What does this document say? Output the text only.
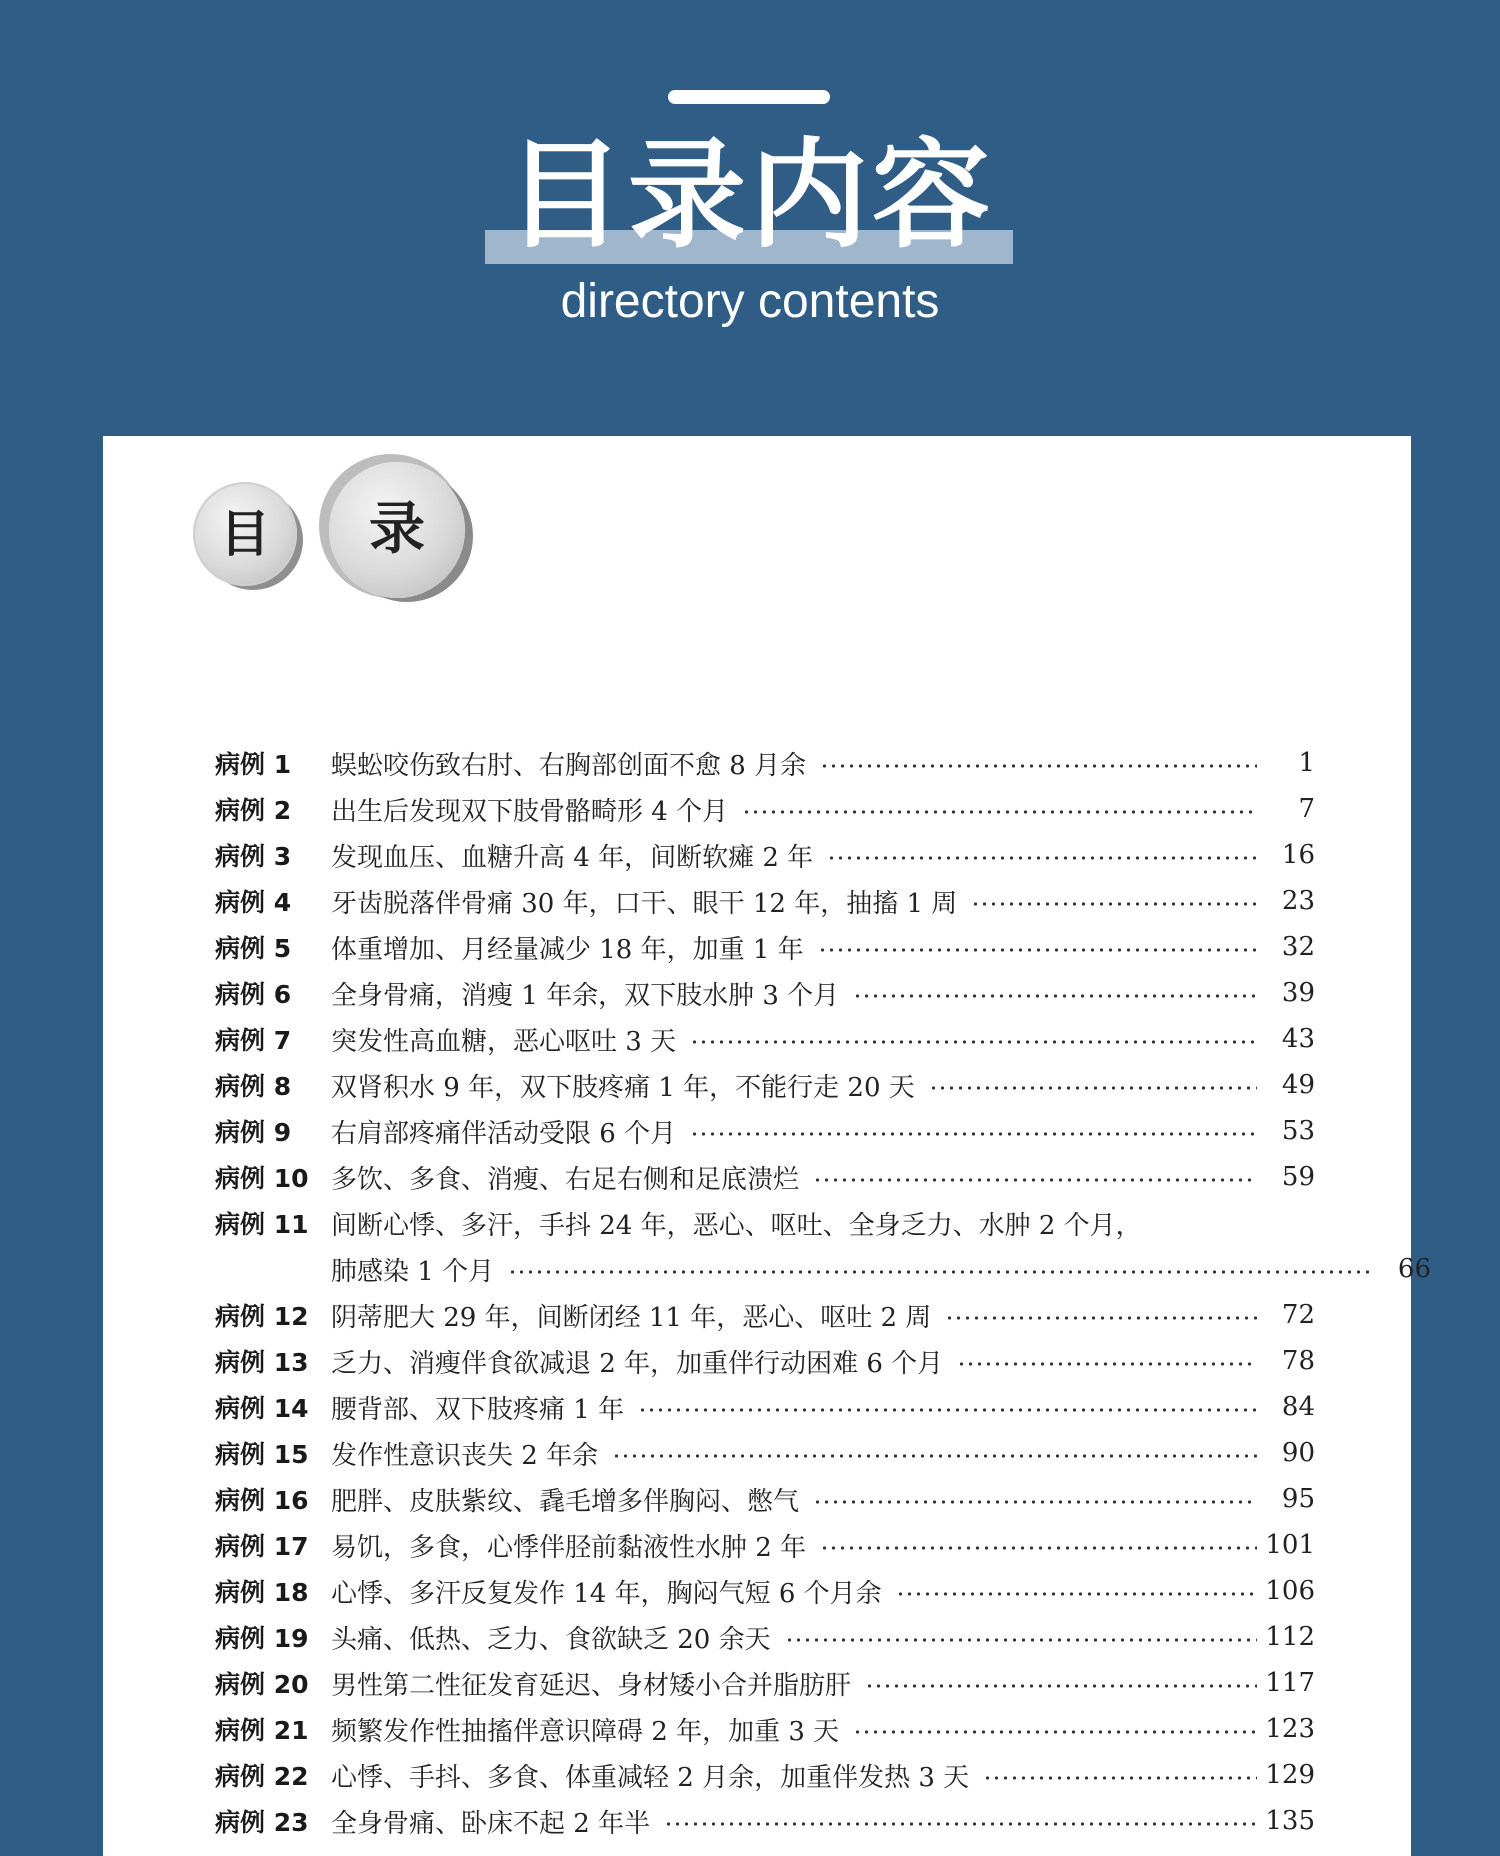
目录内容
directory contents
目	录
病例 1	蜈蚣咬伤致右肘、右胸部创面不愈 8 月余	1
病例 2	出生后发现双下肢骨骼畸形 4 个月	7
病例 3	发现血压、血糖升高 4 年，间断软瘫 2 年	16
病例 4	牙齿脱落伴骨痛 30 年，口干、眼干 12 年，抽搐 1 周	23
病例 5	体重增加、月经量减少 18 年，加重 1 年	32
病例 6	全身骨痛，消瘦 1 年余，双下肢水肿 3 个月	39
病例 7	突发性高血糖，恶心呕吐 3 天	43
病例 8	双肾积水 9 年，双下肢疼痛 1 年，不能行走 20 天	49
病例 9	右肩部疼痛伴活动受限 6 个月	53
病例 10 多饮、多食、消瘦、右足右侧和足底溃烂	59
病例 11 间断心悸、多汗，手抖 24 年，恶心、呕吐、全身乏力、水肿 2 个月，
肺感染 1 个月	66
病例 12 阴蒂肥大 29 年，间断闭经 11 年，恶心、呕吐 2 周	72
病例 13 乏力、消瘦伴食欲减退 2 年，加重伴行动困难 6 个月	78
病例 14 腰背部、双下肢疼痛 1 年	84
病例 15 发作性意识丧失 2 年余	90
病例 16 肥胖、皮肤紫纹、毳毛增多伴胸闷、憋气	95
病例 17 易饥，多食，心悸伴胫前黏液性水肿 2 年	101
病例 18 心悸、多汗反复发作 14 年，胸闷气短 6 个月余	106
病例 19 头痛、低热、乏力、食欲缺乏 20 余天	112
病例 20 男性第二性征发育延迟、身材矮小合并脂肪肝	117
病例 21 频繁发作性抽搐伴意识障碍 2 年，加重 3 天	123
病例 22 心悸、手抖、多食、体重减轻 2 月余，加重伴发热 3 天	129
病例 23 全身骨痛、卧床不起 2 年半	135
